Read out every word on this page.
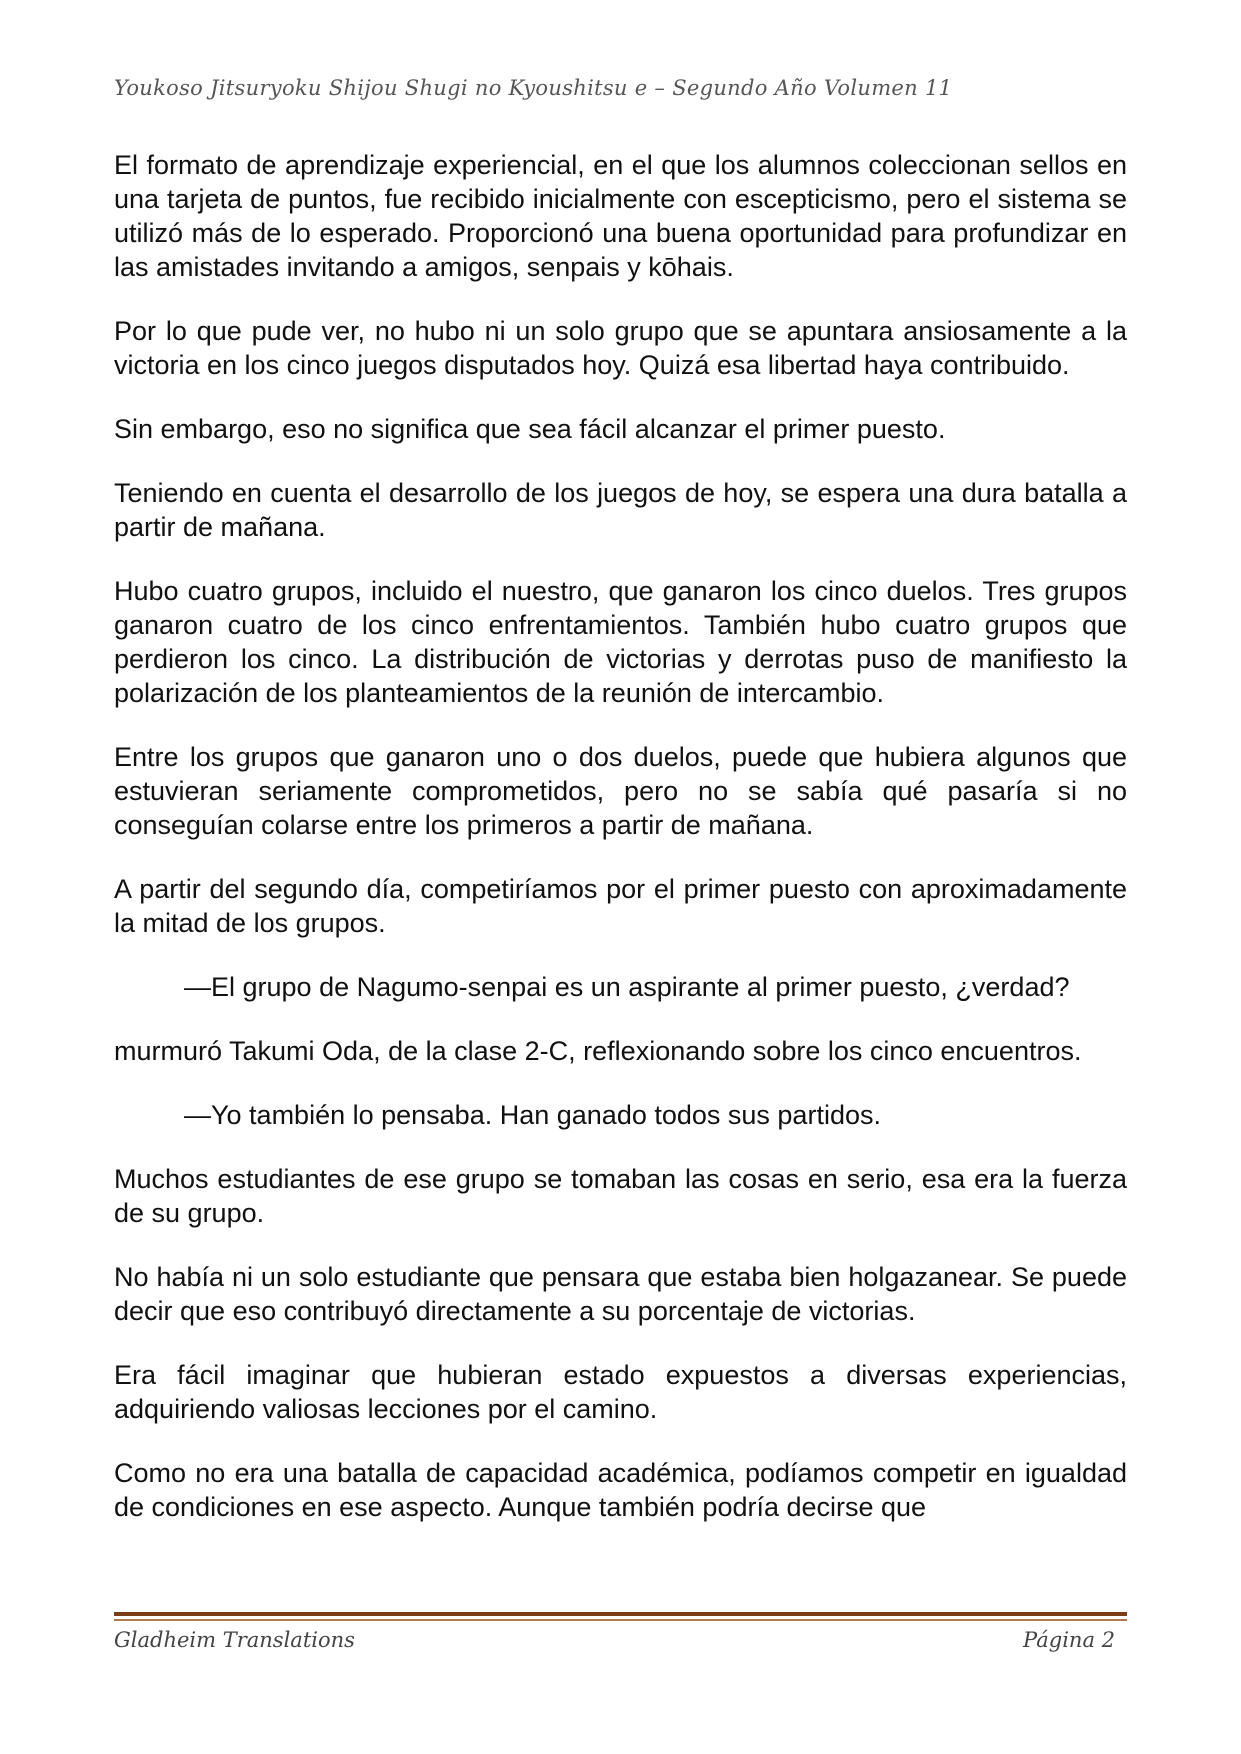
Youkoso Jitsuryoku Shijou Shugi no Kyoushitsu e – Segundo Año Volumen 11

El formato de aprendizaje experiencial, en el que los alumnos coleccionan sellos en una tarjeta de puntos, fue recibido inicialmente con escepticismo, pero el sistema se utilizó más de lo esperado. Proporcionó una buena oportunidad para profundizar en las amistades invitando a amigos, senpais y kōhais.

Por lo que pude ver, no hubo ni un solo grupo que se apuntara ansiosamente a la victoria en los cinco juegos disputados hoy. Quizá esa libertad haya contribuido.

Sin embargo, eso no significa que sea fácil alcanzar el primer puesto.

Teniendo en cuenta el desarrollo de los juegos de hoy, se espera una dura batalla a partir de mañana.

Hubo cuatro grupos, incluido el nuestro, que ganaron los cinco duelos. Tres grupos ganaron cuatro de los cinco enfrentamientos. También hubo cuatro grupos que perdieron los cinco. La distribución de victorias y derrotas puso de manifiesto la polarización de los planteamientos de la reunión de intercambio.

Entre los grupos que ganaron uno o dos duelos, puede que hubiera algunos que estuvieran seriamente comprometidos, pero no se sabía qué pasaría si no conseguían colarse entre los primeros a partir de mañana.

A partir del segundo día, competiríamos por el primer puesto con aproximadamente la mitad de los grupos.

—El grupo de Nagumo-senpai es un aspirante al primer puesto, ¿verdad?

murmuró Takumi Oda, de la clase 2-C, reflexionando sobre los cinco encuentros.

—Yo también lo pensaba. Han ganado todos sus partidos.

Muchos estudiantes de ese grupo se tomaban las cosas en serio, esa era la fuerza de su grupo.

No había ni un solo estudiante que pensara que estaba bien holgazanear. Se puede decir que eso contribuyó directamente a su porcentaje de victorias.

Era fácil imaginar que hubieran estado expuestos a diversas experiencias, adquiriendo valiosas lecciones por el camino.

Como no era una batalla de capacidad académica, podíamos competir en igualdad de condiciones en ese aspecto. Aunque también podría decirse que

Gladheim Translations	Página 2
